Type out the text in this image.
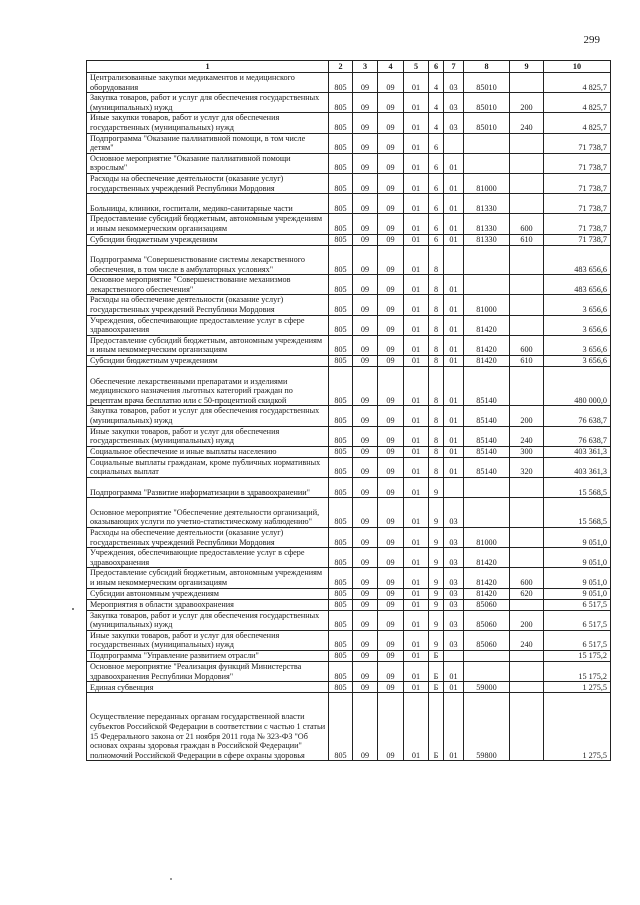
299
1	2	3	4	5	6	7	8	9	10
Централизованные закупки медикаментов и медицинского оборудования	805	09	09	01	4	03	85010		4 825,7
Закупка товаров, работ и услуг для обеспечения государственных (муниципальных) нужд	805	09	09	01	4	03	85010	200	4 825,7
Иные закупки товаров, работ и услуг для обеспечения государственных (муниципальных) нужд	805	09	09	01	4	03	85010	240	4 825,7
Подпрограмма "Оказание паллиативной помощи, в том числе детям"	805	09	09	01	6				71 738,7
Основное мероприятие "Оказание паллиативной помощи взрослым"	805	09	09	01	6	01			71 738,7
Расходы на обеспечение деятельности (оказание услуг) государственных учреждений Республики Мордовия	805	09	09	01	6	01	81000		71 738,7
Больницы, клиники, госпитали, медико-санитарные части	805	09	09	01	6	01	81330		71 738,7
Предоставление субсидий бюджетным, автономным учреждениям и иным некоммерческим организациям	805	09	09	01	6	01	81330	600	71 738,7
Субсидии бюджетным учреждениям	805	09	09	01	6	01	81330	610	71 738,7
Подпрограмма "Совершенствование системы лекарственного обеспечения, в том числе в амбулаторных условиях"	805	09	09	01	8				483 656,6
Основное мероприятие "Совершенствование механизмов лекарственного обеспечения"	805	09	09	01	8	01			483 656,6
Расходы на обеспечение деятельности (оказание услуг) государственных учреждений Республики Мордовия	805	09	09	01	8	01	81000		3 656,6
Учреждения, обеспечивающие предоставление услуг в сфере здравоохранения	805	09	09	01	8	01	81420		3 656,6
Предоставление субсидий бюджетным, автономным учреждениям и иным некоммерческим организациям	805	09	09	01	8	01	81420	600	3 656,6
Субсидии бюджетным учреждениям	805	09	09	01	8	01	81420	610	3 656,6
Обеспечение лекарственными препаратами и изделиями медицинского назначения льготных категорий граждан по рецептам врача бесплатно или с 50-процентной скидкой	805	09	09	01	8	01	85140		480 000,0
Закупка товаров, работ и услуг для обеспечения государственных (муниципальных) нужд	805	09	09	01	8	01	85140	200	76 638,7
Иные закупки товаров, работ и услуг для обеспечения государственных (муниципальных) нужд	805	09	09	01	8	01	85140	240	76 638,7
Социальное обеспечение и иные выплаты населению	805	09	09	01	8	01	85140	300	403 361,3
Социальные выплаты гражданам, кроме публичных нормативных социальных выплат	805	09	09	01	8	01	85140	320	403 361,3
Подпрограмма "Развитие информатизации в здравоохранении"	805	09	09	01	9				15 568,5
Основное мероприятие "Обеспечение деятельности организаций, оказывающих услуги по учетно-статистическому наблюдению"	805	09	09	01	9	03			15 568,5
Расходы на обеспечение деятельности (оказание услуг) государственных учреждений Республики Мордовия	805	09	09	01	9	03	81000		9 051,0
Учреждения, обеспечивающие предоставление услуг в сфере здравоохранения	805	09	09	01	9	03	81420		9 051,0
Предоставление субсидий бюджетным, автономным учреждениям и иным некоммерческим организациям	805	09	09	01	9	03	81420	600	9 051,0
Субсидии автономным учреждениям	805	09	09	01	9	03	81420	620	9 051,0
Мероприятия в области здравоохранения	805	09	09	01	9	03	85060		6 517,5
Закупка товаров, работ и услуг для обеспечения государственных (муниципальных) нужд	805	09	09	01	9	03	85060	200	6 517,5
Иные закупки товаров, работ и услуг для обеспечения государственных (муниципальных) нужд	805	09	09	01	9	03	85060	240	6 517,5
Подпрограмма "Управление развитием отрасли"	805	09	09	01	Б				15 175,2
Основное мероприятие "Реализация функций Министерства здравоохранения Республики Мордовия"	805	09	09	01	Б	01			15 175,2
Единая субвенция	805	09	09	01	Б	01	59000		1 275,5
Осуществление переданных органам государственной власти субъектов Российской Федерации в соответствии с частью 1 статьи 15 Федерального закона от 21 ноября 2011 года № 323-ФЗ "Об основах охраны здоровья граждан в Российской Федерации" полномочий Российской Федерации в сфере охраны здоровья	805	09	09	01	Б	01	59800		1 275,5
